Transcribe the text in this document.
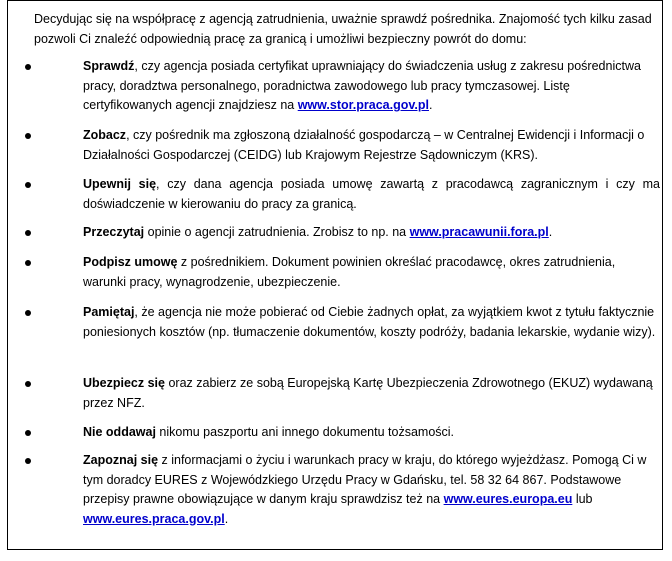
Decydując się na współpracę z agencją zatrudnienia, uważnie sprawdź pośrednika. Znajomość tych kilku zasad pozwoli Ci znaleźć odpowiednią pracę za granicą i umożliwi bezpieczny powrót do domu:

Sprawdź, czy agencja posiada certyfikat uprawniający do świadczenia usług z zakresu pośrednictwa pracy, doradztwa personalnego, poradnictwa zawodowego lub pracy tymczasowej. Listę certyfikowanych agencji znajdziesz na www.stor.praca.gov.pl.
Zobacz, czy pośrednik ma zgłoszoną działalność gospodarczą – w Centralnej Ewidencji i Informacji o Działalności Gospodarczej (CEIDG) lub Krajowym Rejestrze Sądowniczym (KRS).
Upewnij się, czy dana agencja posiada umowę zawartą z pracodawcą zagranicznym i czy ma doświadczenie w kierowaniu do pracy za granicą.
Przeczytaj opinie o agencji zatrudnienia. Zrobisz to np. na www.pracawunii.fora.pl.
Podpisz umowę z pośrednikiem. Dokument powinien określać pracodawcę, okres zatrudnienia, warunki pracy, wynagrodzenie, ubezpieczenie.
Pamiętaj, że agencja nie może pobierać od Ciebie żadnych opłat, za wyjątkiem kwot z tytułu faktycznie poniesionych kosztów (np. tłumaczenie dokumentów, koszty podróży, badania lekarskie, wydanie wizy).
Ubezpiecz się oraz zabierz ze sobą Europejską Kartę Ubezpieczenia Zdrowotnego (EKUZ) wydawaną przez NFZ.
Nie oddawaj nikomu paszportu ani innego dokumentu tożsamości.
Zapoznaj się z informacjami o życiu i warunkach pracy w kraju, do którego wyjeżdżasz. Pomogą Ci w tym doradcy EURES z Wojewódzkiego Urzędu Pracy w Gdańsku, tel. 58 32 64 867. Podstawowe przepisy prawne obowiązujące w danym kraju sprawdzisz też na www.eures.europa.eu lub www.eures.praca.gov.pl.
